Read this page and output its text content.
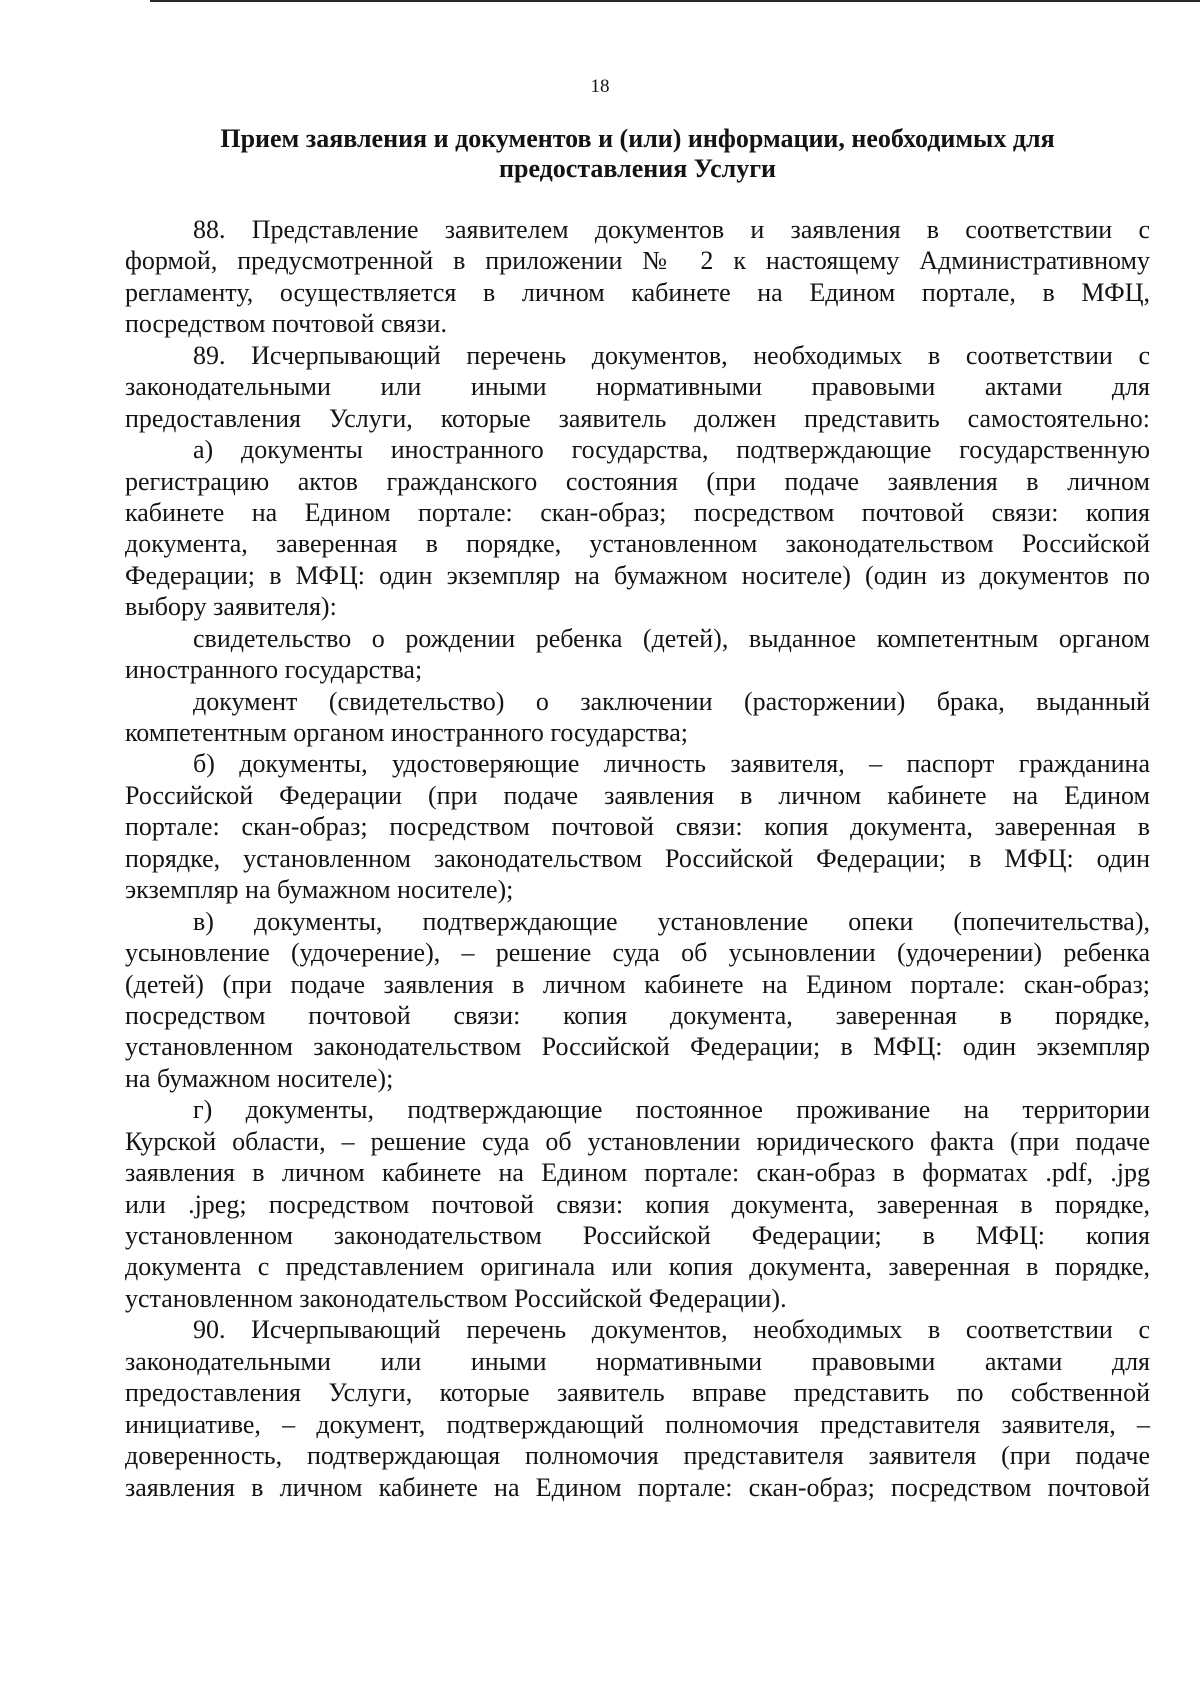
18
Прием заявления и документов и (или) информации, необходимых для
предоставления Услуги
88. Представление заявителем документов и заявления в соответствии с
формой, предусмотренной в приложении № 2 к настоящему Административному
регламенту, осуществляется в личном кабинете на Едином портале, в МФЦ,
посредством почтовой связи.
89. Исчерпывающий перечень документов, необходимых в соответствии с
законодательными или иными нормативными правовыми актами для
предоставления Услуги, которые заявитель должен представить самостоятельно:
а) документы иностранного государства, подтверждающие государственную
регистрацию актов гражданского состояния (при подаче заявления в личном
кабинете на Едином портале: скан-образ; посредством почтовой связи: копия
документа, заверенная в порядке, установленном законодательством Российской
Федерации; в МФЦ: один экземпляр на бумажном носителе) (один из документов по
выбору заявителя):
свидетельство о рождении ребенка (детей), выданное компетентным органом
иностранного государства;
документ (свидетельство) о заключении (расторжении) брака, выданный
компетентным органом иностранного государства;
б) документы, удостоверяющие личность заявителя, – паспорт гражданина
Российской Федерации (при подаче заявления в личном кабинете на Едином
портале: скан-образ; посредством почтовой связи: копия документа, заверенная в
порядке, установленном законодательством Российской Федерации; в МФЦ: один
экземпляр на бумажном носителе);
в) документы, подтверждающие установление опеки (попечительства),
усыновление (удочерение), – решение суда об усыновлении (удочерении) ребенка
(детей) (при подаче заявления в личном кабинете на Едином портале: скан-образ;
посредством почтовой связи: копия документа, заверенная в порядке,
установленном законодательством Российской Федерации; в МФЦ: один экземпляр
на бумажном носителе);
г) документы, подтверждающие постоянное проживание на территории
Курской области, – решение суда об установлении юридического факта (при подаче
заявления в личном кабинете на Едином портале: скан-образ в форматах .pdf, .jpg
или .jpeg; посредством почтовой связи: копия документа, заверенная в порядке,
установленном законодательством Российской Федерации; в МФЦ: копия
документа с представлением оригинала или копия документа, заверенная в порядке,
установленном законодательством Российской Федерации).
90. Исчерпывающий перечень документов, необходимых в соответствии с
законодательными или иными нормативными правовыми актами для
предоставления Услуги, которые заявитель вправе представить по собственной
инициативе, – документ, подтверждающий полномочия представителя заявителя, –
доверенность, подтверждающая полномочия представителя заявителя (при подаче
заявления в личном кабинете на Едином портале: скан-образ; посредством почтовой
